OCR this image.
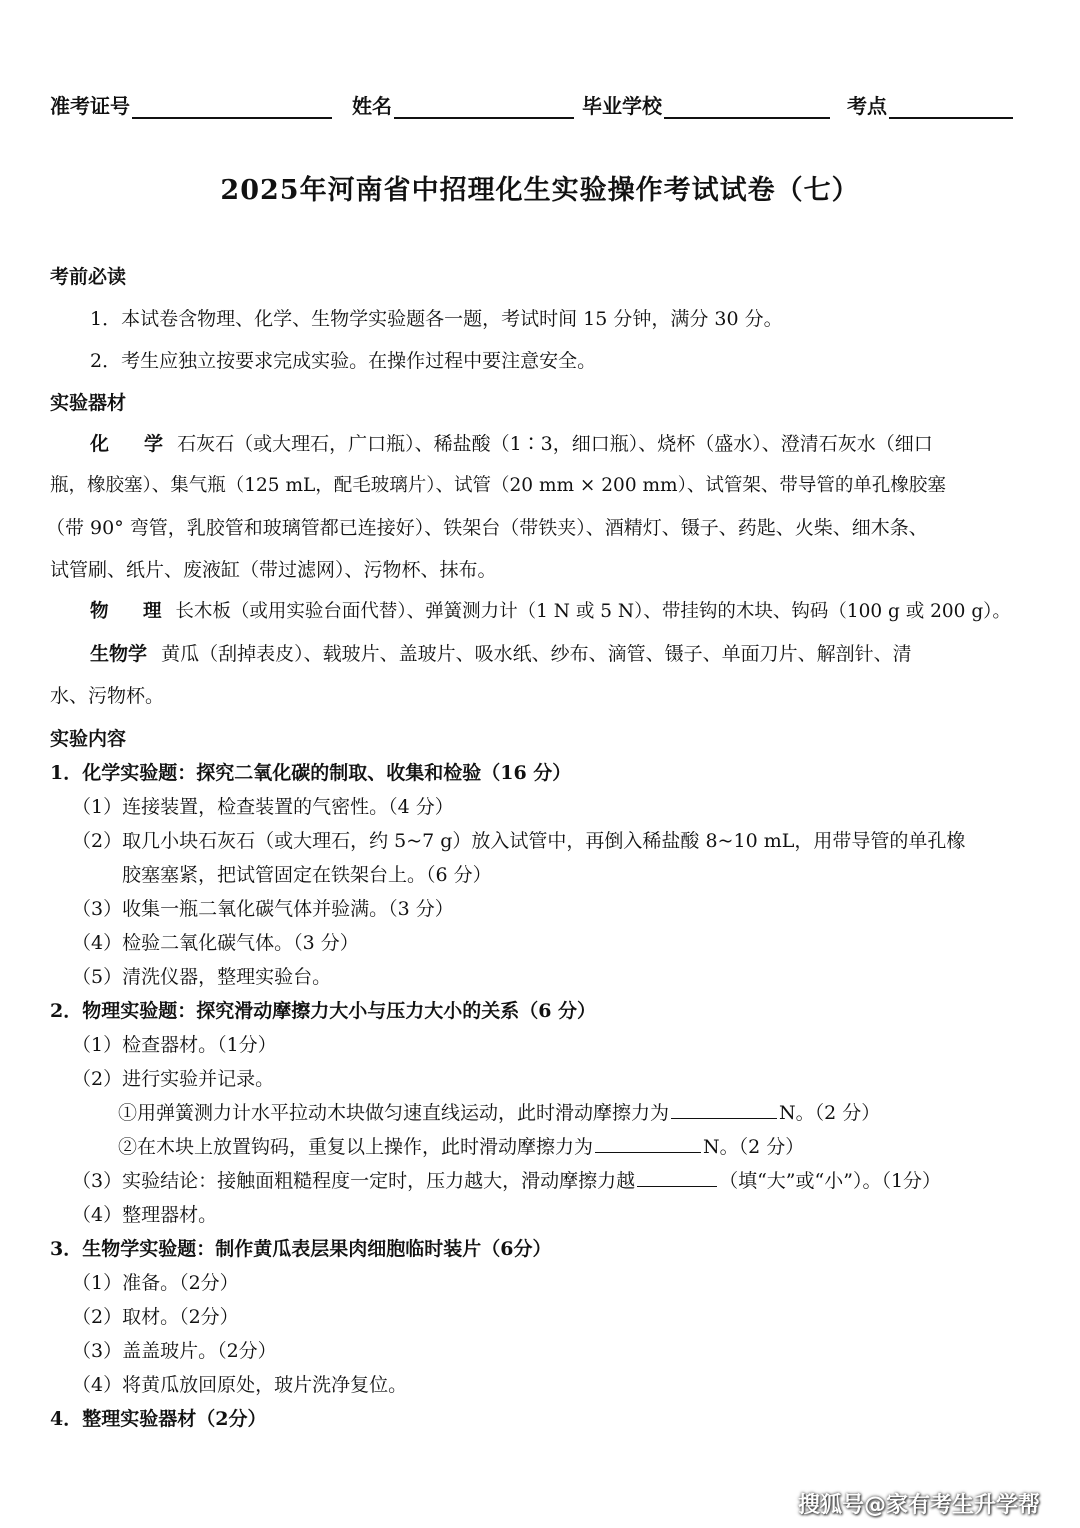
准考证号	姓名	毕业学校	考点
2025年河南省中招理化生实验操作考试试卷（七）
考前必读
1．本试卷含物理、化学、生物学实验题各一题，考试时间 15 分钟，满分 30 分。
2．考生应独立按要求完成实验。在操作过程中要注意安全。
实验器材
化　学 石灰石（或大理石，广口瓶）、稀盐酸（1∶3，细口瓶）、烧杯（盛水）、澄清石灰水（细口
瓶，橡胶塞）、集气瓶（125 mL，配毛玻璃片）、试管（20 mm × 200 mm）、试管架、带导管的单孔橡胶塞
（带 90° 弯管，乳胶管和玻璃管都已连接好）、铁架台（带铁夹）、酒精灯、镊子、药匙、火柴、细木条、
试管刷、纸片、废液缸（带过滤网）、污物杯、抹布。
物　理 长木板（或用实验台面代替）、弹簧测力计（1 N 或 5 N）、带挂钩的木块、钩码（100 g 或 200 g）。
生物学 黄瓜（刮掉表皮）、载玻片、盖玻片、吸水纸、纱布、滴管、镊子、单面刀片、解剖针、清
水、污物杯。
实验内容
1．化学实验题：探究二氧化碳的制取、收集和检验（16 分）
（1）连接装置，检查装置的气密性。（4 分）
（2）取几小块石灰石（或大理石，约 5~7 g）放入试管中，再倒入稀盐酸 8~10 mL，用带导管的单孔橡
胶塞塞紧，把试管固定在铁架台上。（6 分）
（3）收集一瓶二氧化碳气体并验满。（3 分）
（4）检验二氧化碳气体。（3 分）
（5）清洗仪器，整理实验台。
2．物理实验题：探究滑动摩擦力大小与压力大小的关系（6 分）
（1）检查器材。（1分）
（2）进行实验并记录。
①用弹簧测力计水平拉动木块做匀速直线运动，此时滑动摩擦力为	N。（2 分）
②在木块上放置钩码，重复以上操作，此时滑动摩擦力为	N。（2 分）
（3）实验结论：接触面粗糙程度一定时，压力越大，滑动摩擦力越	（填“大”或“小”）。（1分）
（4）整理器材。
3．生物学实验题：制作黄瓜表层果肉细胞临时装片（6分）
（1）准备。（2分）
（2）取材。（2分）
（3）盖盖玻片。（2分）
（4）将黄瓜放回原处，玻片洗净复位。
4．整理实验器材（2分）
搜狐号@家有考生升学帮
